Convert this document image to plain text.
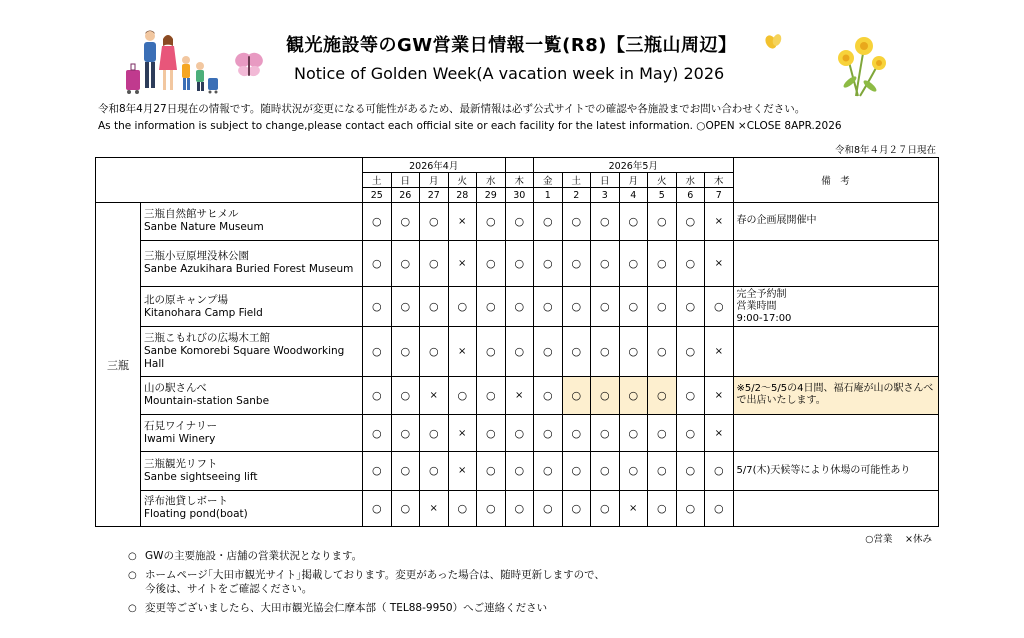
観光施設等のGW営業日情報一覧(R8)【三瓶山周辺】
Notice of Golden Week(A vacation week in May) 2026
令和8年4月27日現在の情報です。随時状況が変更になる可能性があるため、最新情報は必ず公式サイトでの確認や各施設までお問い合わせください。
As the information is subject to change,please contact each official site or each facility for the latest information. ○OPEN ×CLOSE 8APR.2026
令和8年４月２７日現在
		2026年4月						2026年5月							備　考
		土	日	月	火	水	木	金	土	日	月	火	水	木	
		25	26	27	28	29	30	1	2	3	4	5	6	7	
三瓶	三瓶自然館サヒメル
Sanbe Nature Museum	○	○	○	×	○	○	○	○	○	○	○	○	×	春の企画展開催中

	三瓶小豆原埋没林公園
Sanbe Azukihara Buried Forest Museum	○	○	○	×	○	○	○	○	○	○	○	○	×	

	北の原キャンプ場
Kitanohara Camp Field	○	○	○	○	○	○	○	○	○	○	○	○	○	完全予約制
営業時間
9:00-17:00

	三瓶こもれびの広場木工館
Sanbe Komorebi Square Woodworking Hall	○	○	○	×	○	○	○	○	○	○	○	○	×	

	山の駅さんべ
Mountain-station Sanbe	○	○	×	○	○	×	○	○	○	○	○	○	×	※5/2～5/5の4日間、福石庵が山の駅さんべで出店いたします。

	石見ワイナリー
Iwami Winery	○	○	○	×	○	○	○	○	○	○	○	○	×	

	三瓶観光リフト
Sanbe sightseeing lift	○	○	○	×	○	○	○	○	○	○	○	○	○	5/7(木)天候等により休場の可能性あり

	浮布池貸しボート
Floating pond(boat)	○	○	×	○	○	○	○	○	○	×	○	○	○	
○営業　 ×休み
○ GWの主要施設・店舗の営業状況となります。
○ ホームページ｢大田市観光サイト｣掲載しております。変更があった場合は、随時更新しますので、
今後は、サイトをご確認ください。
○ 変更等ございましたら、大田市観光協会仁摩本部（ TEL88-9950）へご連絡ください
